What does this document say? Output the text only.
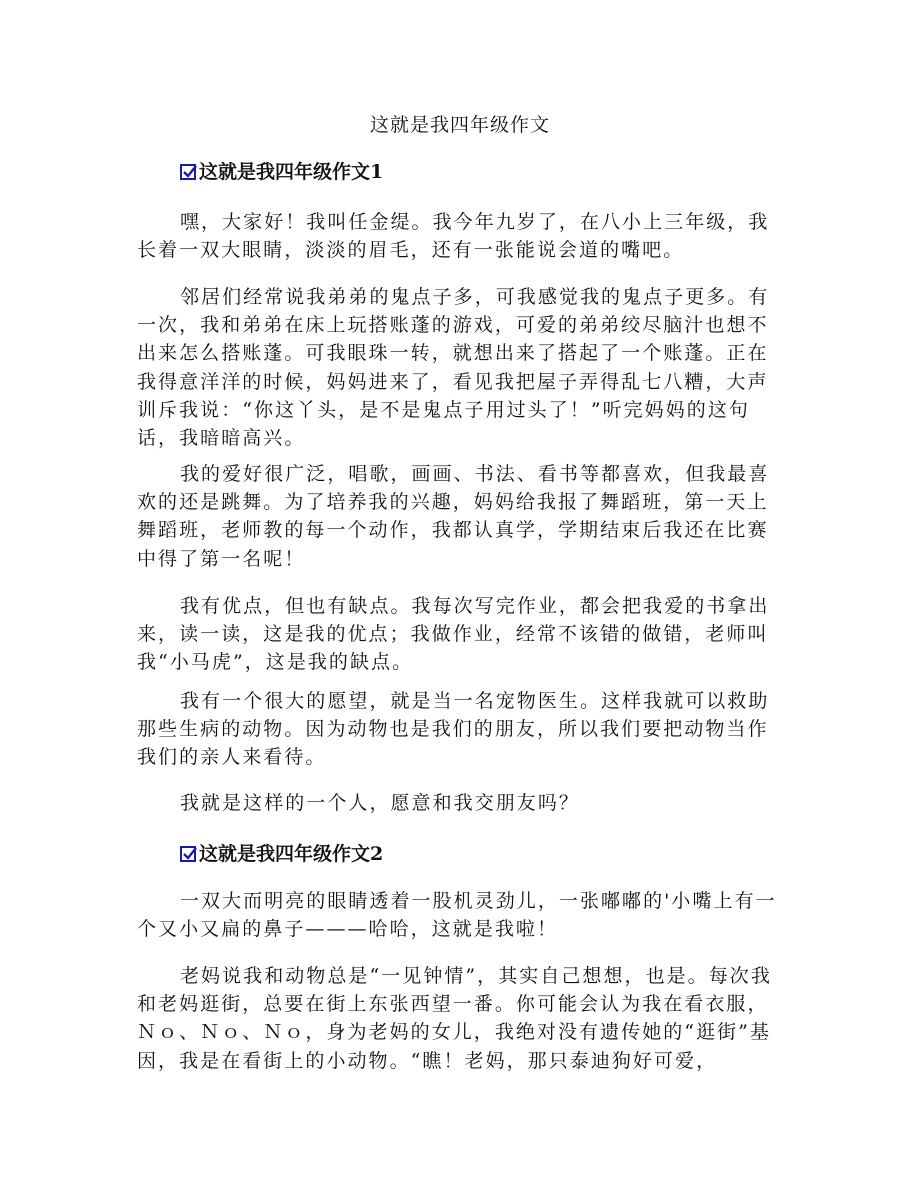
这就是我四年级作文
这就是我四年级作文1

嘿，大家好！我叫任金缇。我今年九岁了，在八小上三年级，我长着一双大眼睛，淡淡的眉毛，还有一张能说会道的嘴吧。

邻居们经常说我弟弟的鬼点子多，可我感觉我的鬼点子更多。有一次，我和弟弟在床上玩搭账蓬的游戏，可爱的弟弟绞尽脑汁也想不出来怎么搭账蓬。可我眼珠一转，就想出来了搭起了一个账蓬。正在我得意洋洋的时候，妈妈进来了，看见我把屋子弄得乱七八糟，大声训斥我说：“你这丫头，是不是鬼点子用过头了！”听完妈妈的这句话，我暗暗高兴。

我的爱好很广泛，唱歌，画画、书法、看书等都喜欢，但我最喜欢的还是跳舞。为了培养我的兴趣，妈妈给我报了舞蹈班，第一天上舞蹈班，老师教的每一个动作，我都认真学，学期结束后我还在比赛中得了第一名呢！

我有优点，但也有缺点。我每次写完作业，都会把我爱的书拿出来，读一读，这是我的优点；我做作业，经常不该错的做错，老师叫我“小马虎”，这是我的缺点。

我有一个很大的愿望，就是当一名宠物医生。这样我就可以救助那些生病的动物。因为动物也是我们的朋友，所以我们要把动物当作我们的亲人来看待。

我就是这样的一个人，愿意和我交朋友吗？

这就是我四年级作文2

一双大而明亮的眼睛透着一股机灵劲儿，一张嘟嘟的'小嘴上有一个又小又扁的鼻子———哈哈，这就是我啦！

老妈说我和动物总是“一见钟情”，其实自己想想，也是。每次我和老妈逛街，总要在街上东张西望一番。你可能会认为我在看衣服，Ｎｏ、Ｎｏ、Ｎｏ，身为老妈的女儿，我绝对没有遗传她的“逛街”基因，我是在看街上的小动物。“瞧！老妈，那只泰迪狗好可爱，
